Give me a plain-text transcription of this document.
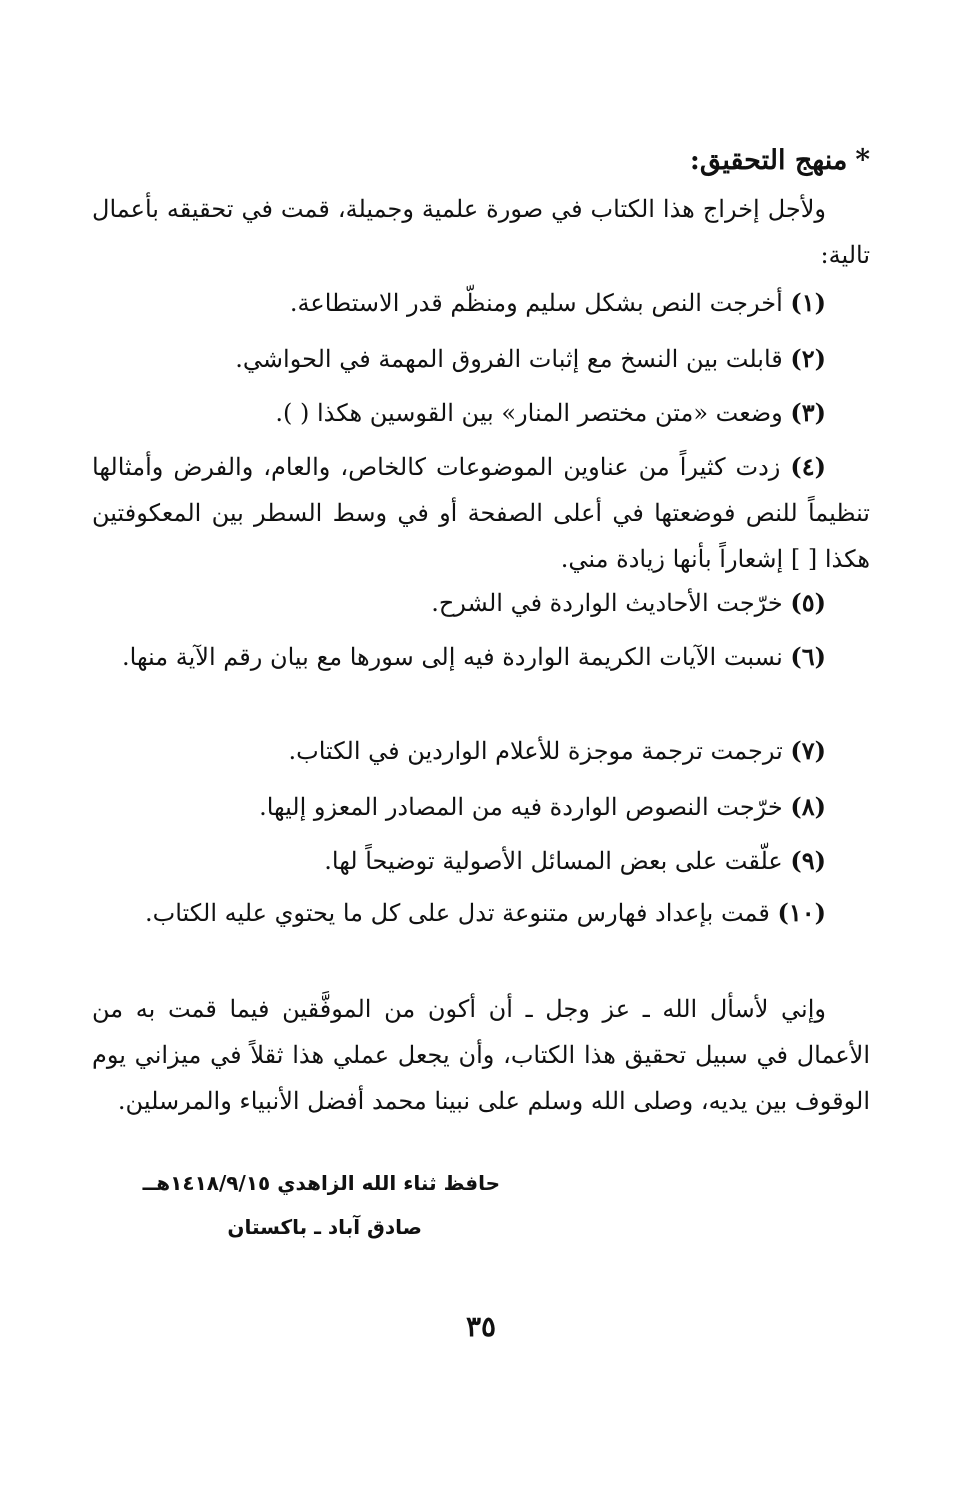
*منهج التحقيق:

ولأجل إخراج هذا الكتاب في صورة علمية وجميلة، قمت في تحقيقه بأعمال تالية:

(١) أخرجت النص بشكل سليم ومنظّم قدر الاستطاعة.

(٢) قابلت بين النسخ مع إثبات الفروق المهمة في الحواشي.

(٣) وضعت «متن مختصر المنار» بين القوسين هكذا ( ).

(٤) زدت كثيراً من عناوين الموضوعات كالخاص، والعام، والفرض وأمثالها تنظيماً للنص فوضعتها في أعلى الصفحة أو في وسط السطر بين المعكوفتين هكذا [ ] إشعاراً بأنها زيادة مني.

(٥) خرّجت الأحاديث الواردة في الشرح.

(٦) نسبت الآيات الكريمة الواردة فيه إلى سورها مع بيان رقم الآية منها.

(٧) ترجمت ترجمة موجزة للأعلام الواردين في الكتاب.

(٨) خرّجت النصوص الواردة فيه من المصادر المعزو إليها.

(٩) علّقت على بعض المسائل الأصولية توضيحاً لها.

(١٠) قمت بإعداد فهارس متنوعة تدل على كل ما يحتوي عليه الكتاب.

وإني لأسأل الله ـ عز وجل ـ أن أكون من الموفَّقين فيما قمت به من الأعمال في سبيل تحقيق هذا الكتاب، وأن يجعل عملي هذا ثقلاً في ميزاني يوم الوقوف بين يديه، وصلى الله وسلم على نبينا محمد أفضل الأنبياء والمرسلين.

حافظ ثناء الله الزاهدي ١٤١٨/٩/١٥هــ
صادق آباد ـ باكستان
٣٥
